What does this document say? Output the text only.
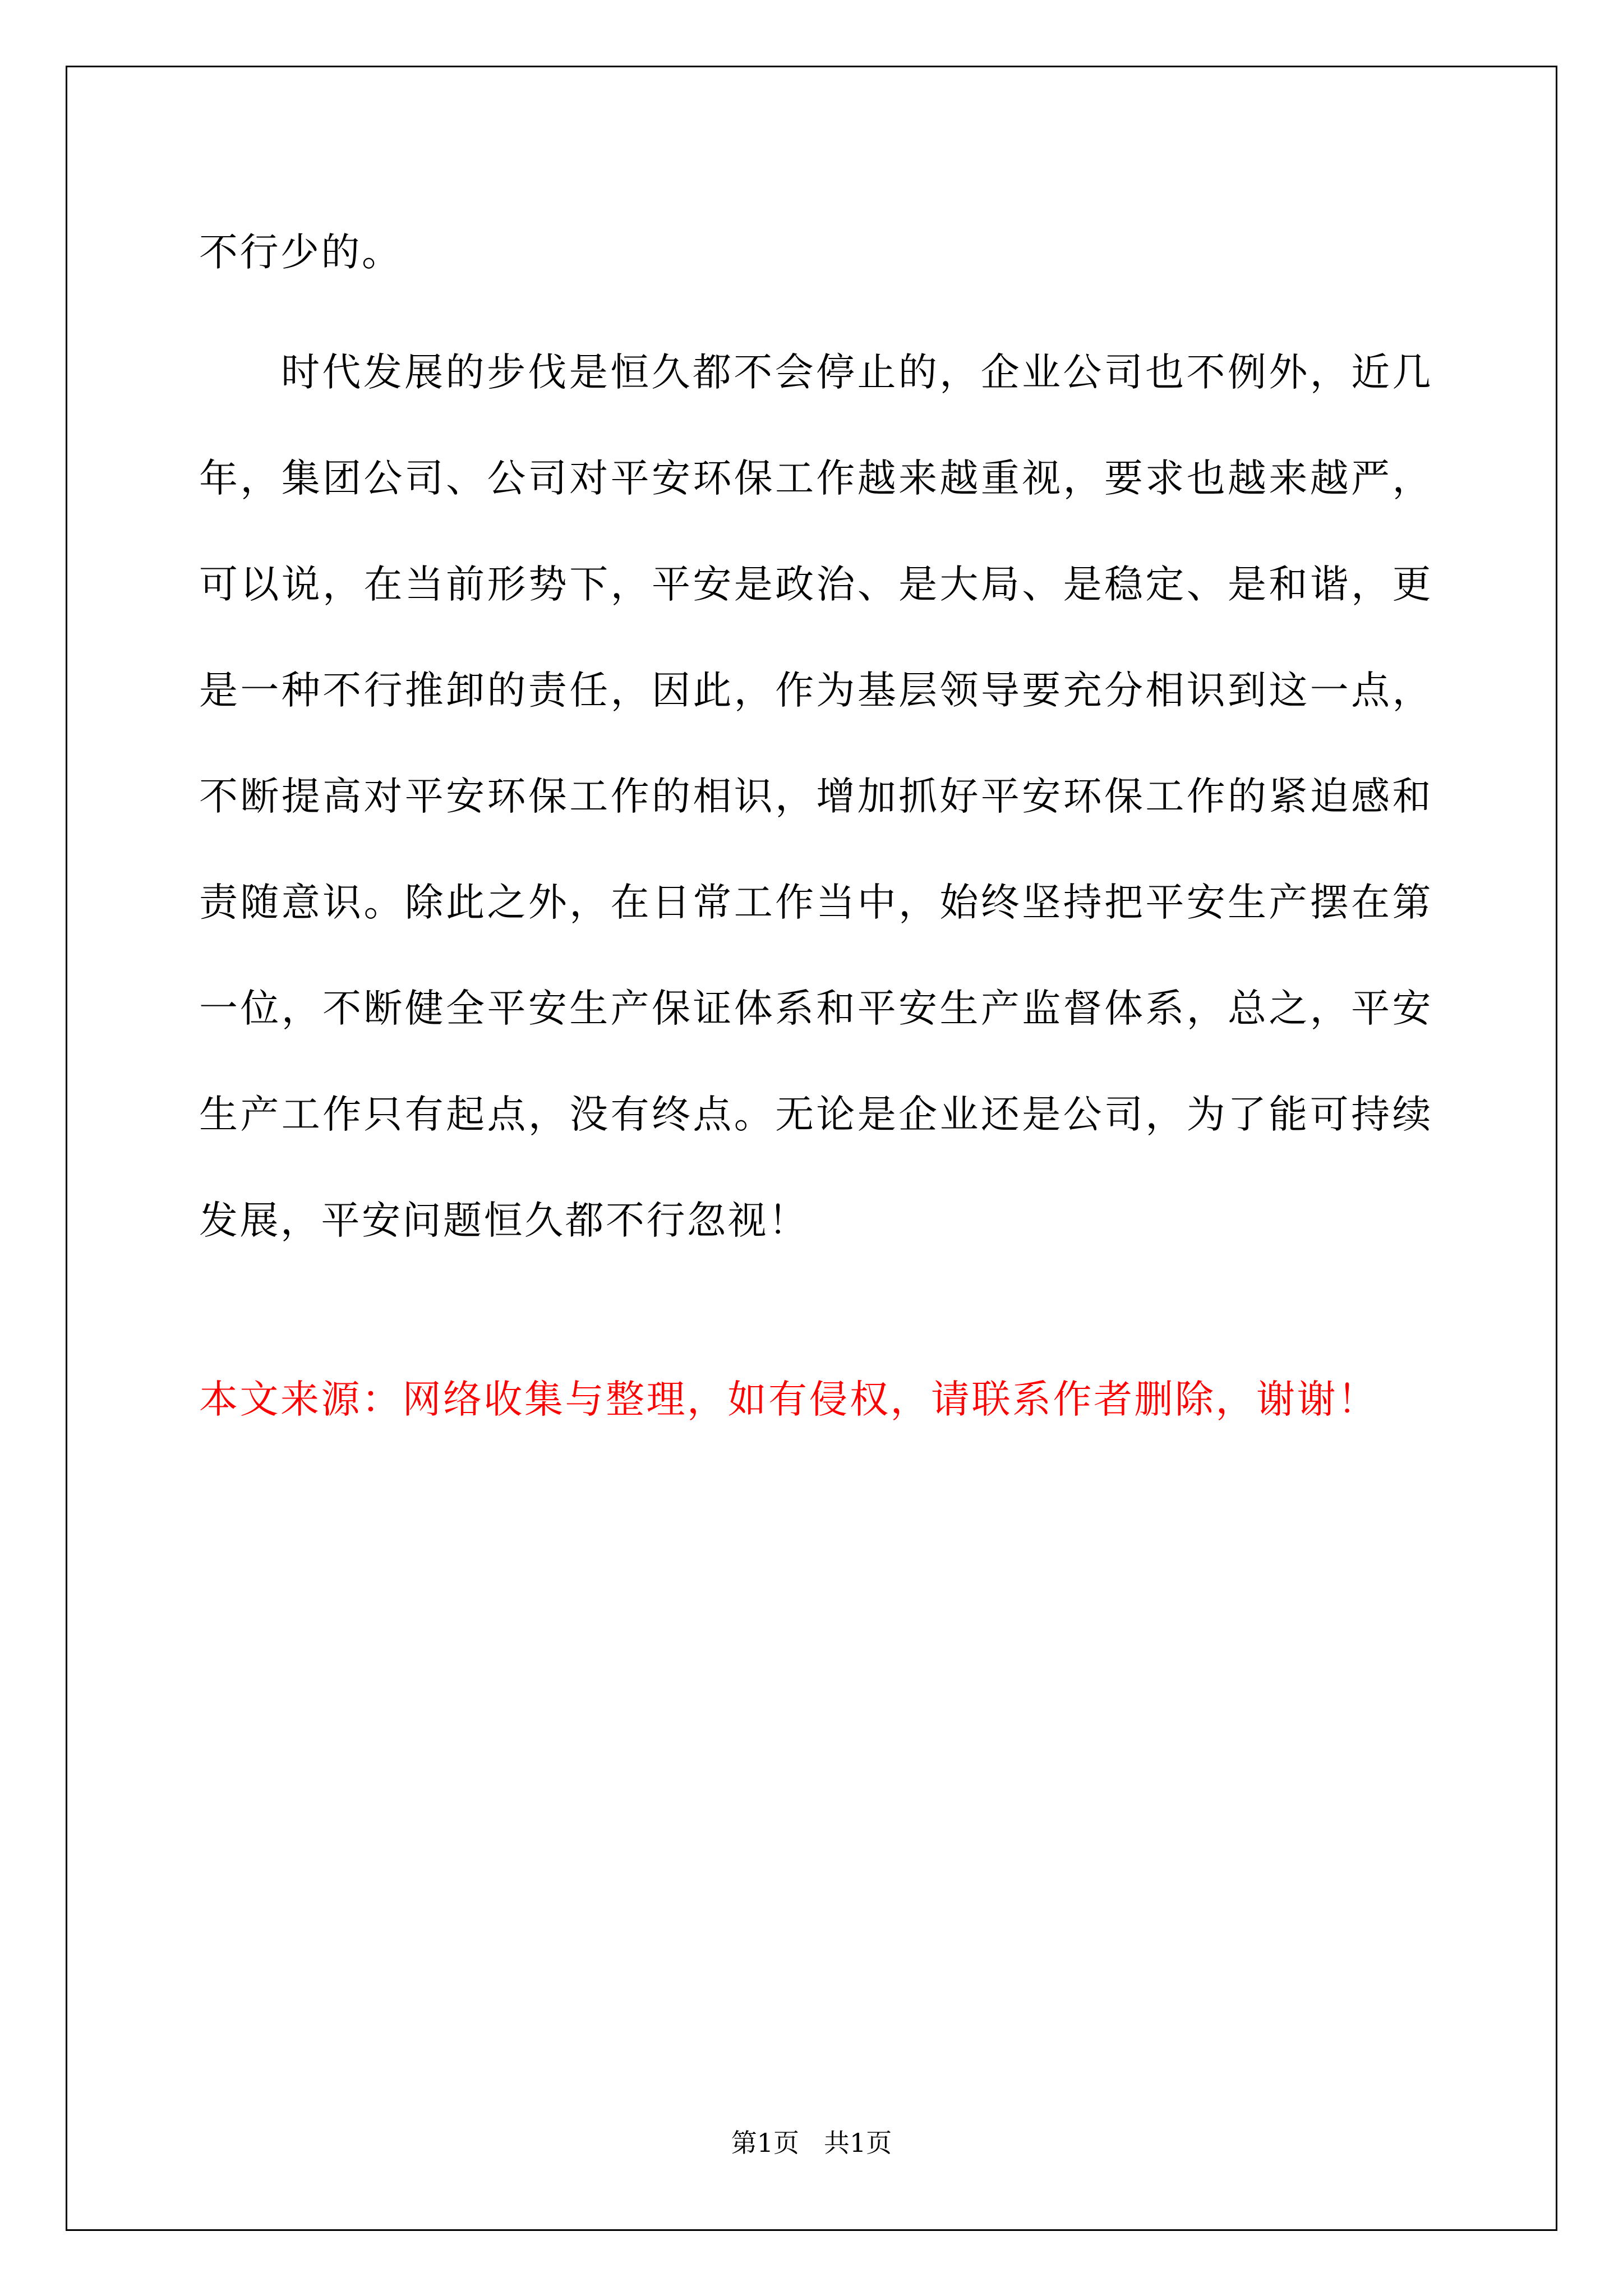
不行少的。

时代发展的步伐是恒久都不会停止的，企业公司也不例外，近几年，集团公司、公司对平安环保工作越来越重视，要求也越来越严，可以说，在当前形势下，平安是政治、是大局、是稳定、是和谐，更是一种不行推卸的责任，因此，作为基层领导要充分相识到这一点，不断提高对平安环保工作的相识，增加抓好平安环保工作的紧迫感和责随意识。除此之外，在日常工作当中，始终坚持把平安生产摆在第一位，不断健全平安生产保证体系和平安生产监督体系，总之，平安生产工作只有起点，没有终点。无论是企业还是公司，为了能可持续发展，平安问题恒久都不行忽视！

本文来源：网络收集与整理，如有侵权，请联系作者删除，谢谢！

第1页 共1页
